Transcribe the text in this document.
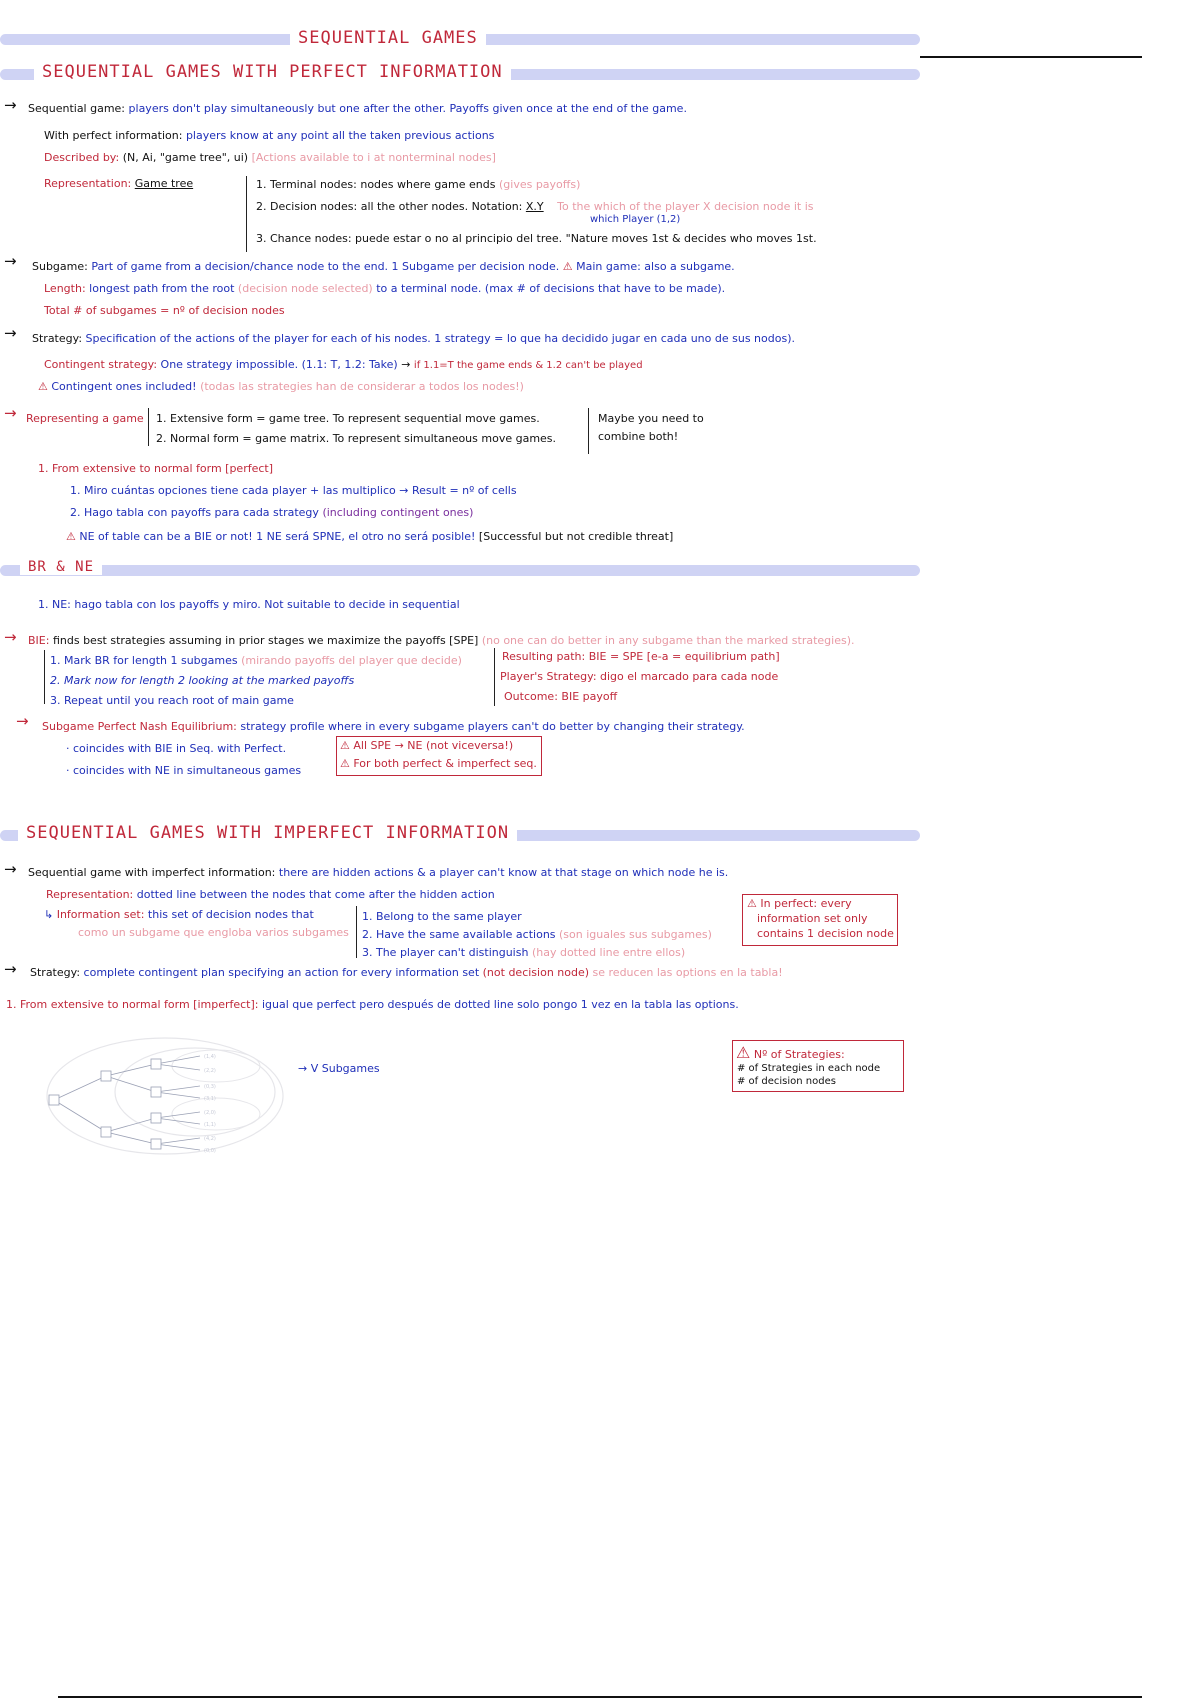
SEQUENTIAL GAMES
SEQUENTIAL GAMES WITH PERFECT INFORMATION
→ Sequential game: players don't play simultaneously but one after the other. Payoffs given once at the end of the game.
With perfect information: players know at any point all the taken previous actions
Described by: (N, Ai, "game tree", ui) [Actions available to i at nonterminal nodes]
Representation: Game tree	1. Terminal nodes: nodes where game ends (gives payoffs)
2. Decision nodes: all the other nodes. Notation: X.Y To the which of the player X decision node it is
which Player (1,2)
3. Chance nodes: puede estar o no al principio del tree. "Nature moves 1st & decides who moves 1st.
→ Subgame: Part of game from a decision/chance node to the end. 1 Subgame per decision node. ⚠ Main game: also a subgame.
Length: longest path from the root (decision node selected) to a terminal node. (max # of decisions that have to be made).
Total # of subgames = nº of decision nodes
→ Strategy: Specification of the actions of the player for each of his nodes. 1 strategy = lo que ha decidido jugar en cada uno de sus nodos).
Contingent strategy: One strategy impossible. (1.1: T, 1.2: Take) → if 1.1=T the game ends & 1.2 can't be played
⚠ Contingent ones included! (todas las strategies han de considerar a todos los nodes!)
→ Representing a game 1. Extensive form = game tree. To represent sequential move games.
2. Normal form = game matrix. To represent simultaneous move games.
Maybe you need to
combine both!
1. From extensive to normal form [perfect]
1. Miro cuántas opciones tiene cada player + las multiplico → Result = nº of cells
2. Hago tabla con payoffs para cada strategy (including contingent ones)
⚠ NE of table can be a BIE or not! 1 NE será SPNE, el otro no será posible! [Successful but not credible threat]
BR & NE
1. NE: hago tabla con los payoffs y miro. Not suitable to decide in sequential
→ BIE: finds best strategies assuming in prior stages we maximize the payoffs [SPE] (no one can do better in any subgame than the marked strategies).
1. Mark BR for length 1 subgames (mirando payoffs del player que decide)
2. Mark now for length 2 looking at the marked payoffs
3. Repeat until you reach root of main game
Resulting path: BIE = SPE [e-a = equilibrium path]
Player's Strategy: digo el marcado para cada node
Outcome: BIE payoff
→ Subgame Perfect Nash Equilibrium: strategy profile where in every subgame players can't do better by changing their strategy.
· coincides with BIE in Seq. with Perfect.
· coincides with NE in simultaneous games
⚠ All SPE → NE (not viceversa!)
⚠ For both perfect & imperfect seq.
SEQUENTIAL GAMES WITH IMPERFECT INFORMATION
→ Sequential game with imperfect information: there are hidden actions & a player can't know at that stage on which node he is.
Representation: dotted line between the nodes that come after the hidden action
↳ Information set: this set of decision nodes that
como un subgame que engloba varios subgames
1. Belong to the same player
2. Have the same available actions (son iguales sus subgames)
3. The player can't distinguish (hay dotted line entre ellos)
⚠ In perfect: every
information set only
contains 1 decision node
→ Strategy: complete contingent plan specifying an action for every information set (not decision node) se reducen las options en la tabla!
1. From extensive to normal form [imperfect]: igual que perfect pero después de dotted line solo pongo 1 vez en la tabla las options.
(1,4)
(2,2)
(0,3)
(3,1)
(2,0)
(1,1)
(4,2)
(0,0)
→ V Subgames
⚠ Nº of Strategies:
# of Strategies in each node
# of decision nodes
